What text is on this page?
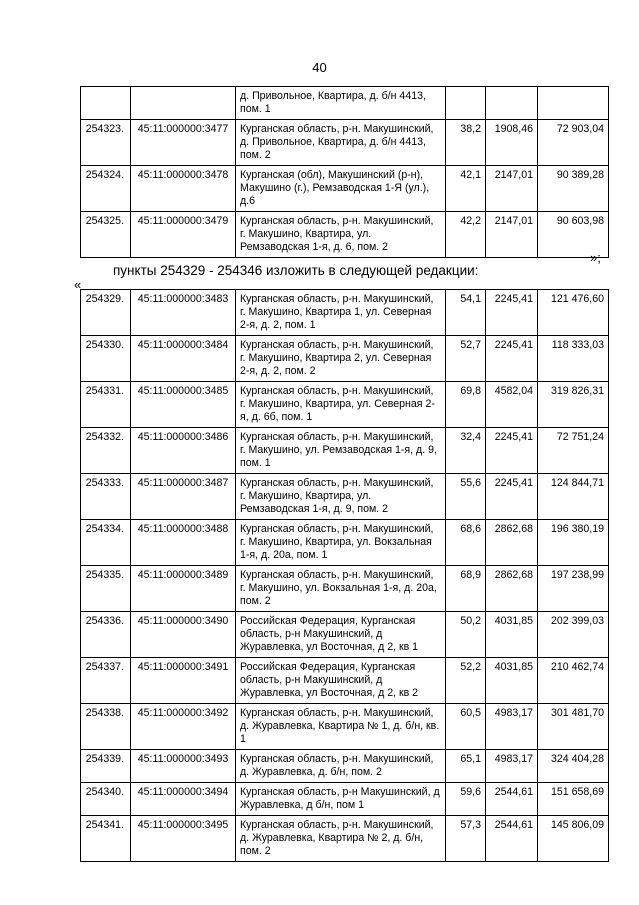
40
		д. Привольное, Квартира, д. б/н 4413, пом. 1			
254323.	45:11:000000:3477	Курганская область, р-н. Макушинский, д. Привольное, Квартира, д. б/н 4413, пом. 2	38,2	1908,46	72 903,04
254324.	45:11:000000:3478	Курганская (обл), Макушинский (р-н), Макушино (г.), Ремзаводская 1-Я (ул.), д.6	42,1	2147,01	90 389,28
254325.	45:11:000000:3479	Курганская область, р-н. Макушинский, г. Макушино, Квартира, ул. Ремзаводская 1-я, д. 6, пом. 2	42,2	2147,01	90 603,98
»;
пункты 254329 - 254346 изложить в следующей редакции:
«
254329.	45:11:000000:3483	Курганская область, р-н. Макушинский, г. Макушино, Квартира 1, ул. Северная 2-я, д. 2, пом. 1	54,1	2245,41	121 476,60
254330.	45:11:000000:3484	Курганская область, р-н. Макушинский, г. Макушино, Квартира 2, ул. Северная 2-я, д. 2, пом. 2	52,7	2245,41	118 333,03
254331.	45:11:000000:3485	Курганская область, р-н. Макушинский, г. Макушино, Квартира, ул. Северная 2-я, д. 6б, пом. 1	69,8	4582,04	319 826,31
254332.	45:11:000000:3486	Курганская область, р-н. Макушинский, г. Макушино, ул. Ремзаводская 1-я, д. 9, пом. 1	32,4	2245,41	72 751,24
254333.	45:11:000000:3487	Курганская область, р-н. Макушинский, г. Макушино, Квартира, ул. Ремзаводская 1-я, д. 9, пом. 2	55,6	2245,41	124 844,71
254334.	45:11:000000:3488	Курганская область, р-н. Макушинский, г. Макушино, Квартира, ул. Вокзальная 1-я, д. 20а, пом. 1	68,6	2862,68	196 380,19
254335.	45:11:000000:3489	Курганская область, р-н. Макушинский, г. Макушино, ул. Вокзальная 1-я, д. 20а, пом. 2	68,9	2862,68	197 238,99
254336.	45:11:000000:3490	Российская Федерация, Курганская область, р-н Макушинский, д Журавлевка, ул Восточная, д 2, кв 1	50,2	4031,85	202 399,03
254337.	45:11:000000:3491	Российская Федерация, Курганская область, р-н Макушинский, д Журавлевка, ул Восточная, д 2, кв 2	52,2	4031,85	210 462,74
254338.	45:11:000000:3492	Курганская область, р-н. Макушинский, д. Журавлевка, Квартира № 1, д. б/н, кв. 1	60,5	4983,17	301 481,70
254339.	45:11:000000:3493	Курганская область, р-н. Макушинский, д. Журавлевка, д. б/н, пом. 2	65,1	4983,17	324 404,28
254340.	45:11:000000:3494	Курганская область, р-н Макушинский, д Журавлевка, д б/н, пом 1	59,6	2544,61	151 658,69
254341.	45:11:000000:3495	Курганская область, р-н. Макушинский, д. Журавлевка, Квартира № 2, д. б/н, пом. 2	57,3	2544,61	145 806,09
